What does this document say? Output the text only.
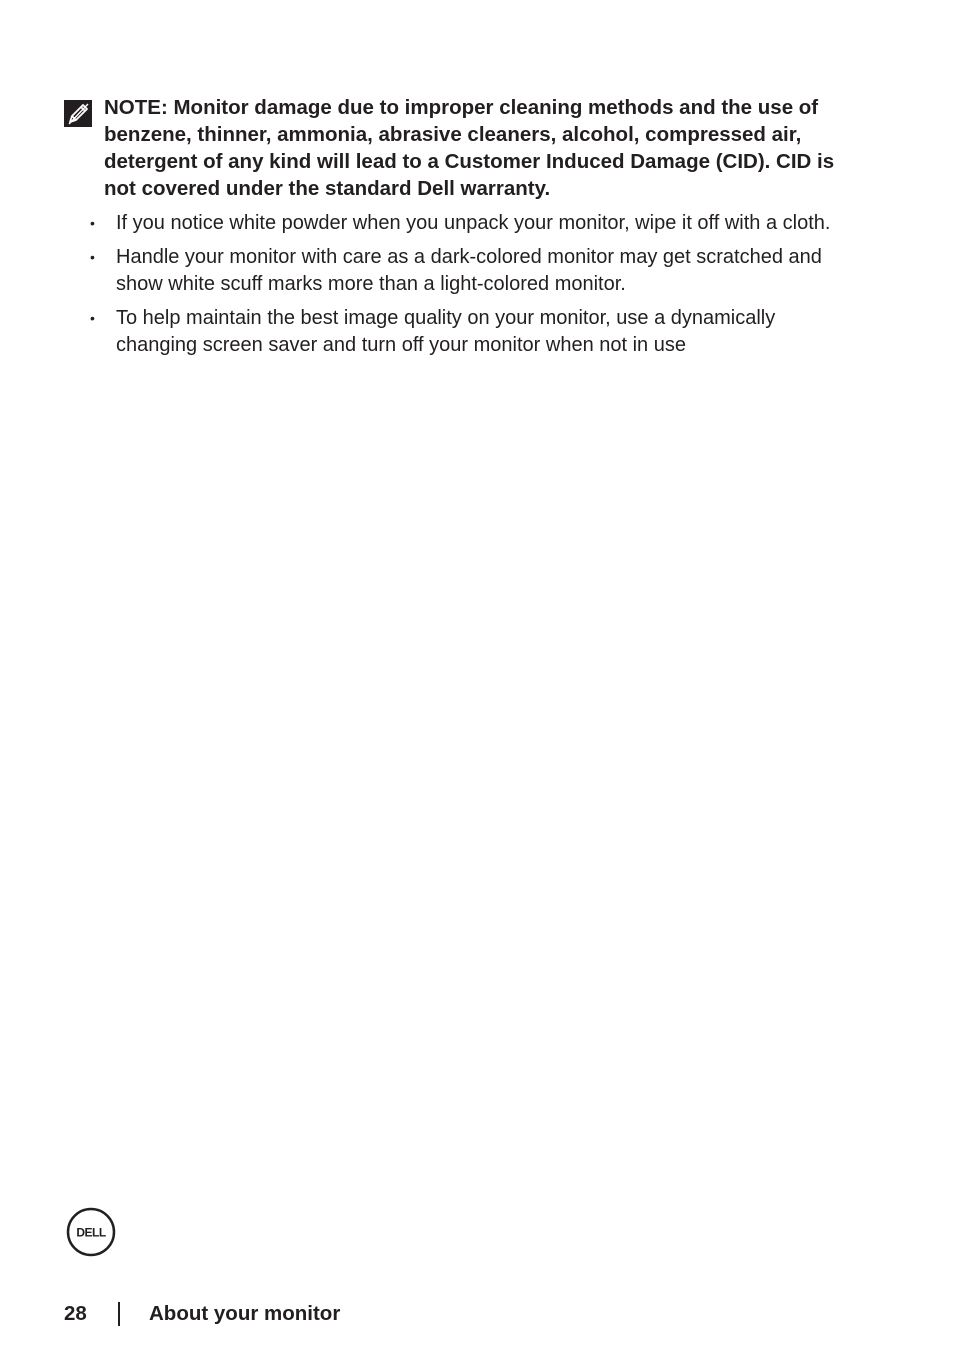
NOTE: Monitor damage due to improper cleaning methods and the use of benzene, thinner, ammonia, abrasive cleaners, alcohol, compressed air, detergent of any kind will lead to a Customer Induced Damage (CID). CID is not covered under the standard Dell warranty.
• If you notice white powder when you unpack your monitor, wipe it off with a cloth.
• Handle your monitor with care as a dark-colored monitor may get scratched and show white scuff marks more than a light-colored monitor.
• To help maintain the best image quality on your monitor, use a dynamically changing screen saver and turn off your monitor when not in use
DELL
28	About your monitor
